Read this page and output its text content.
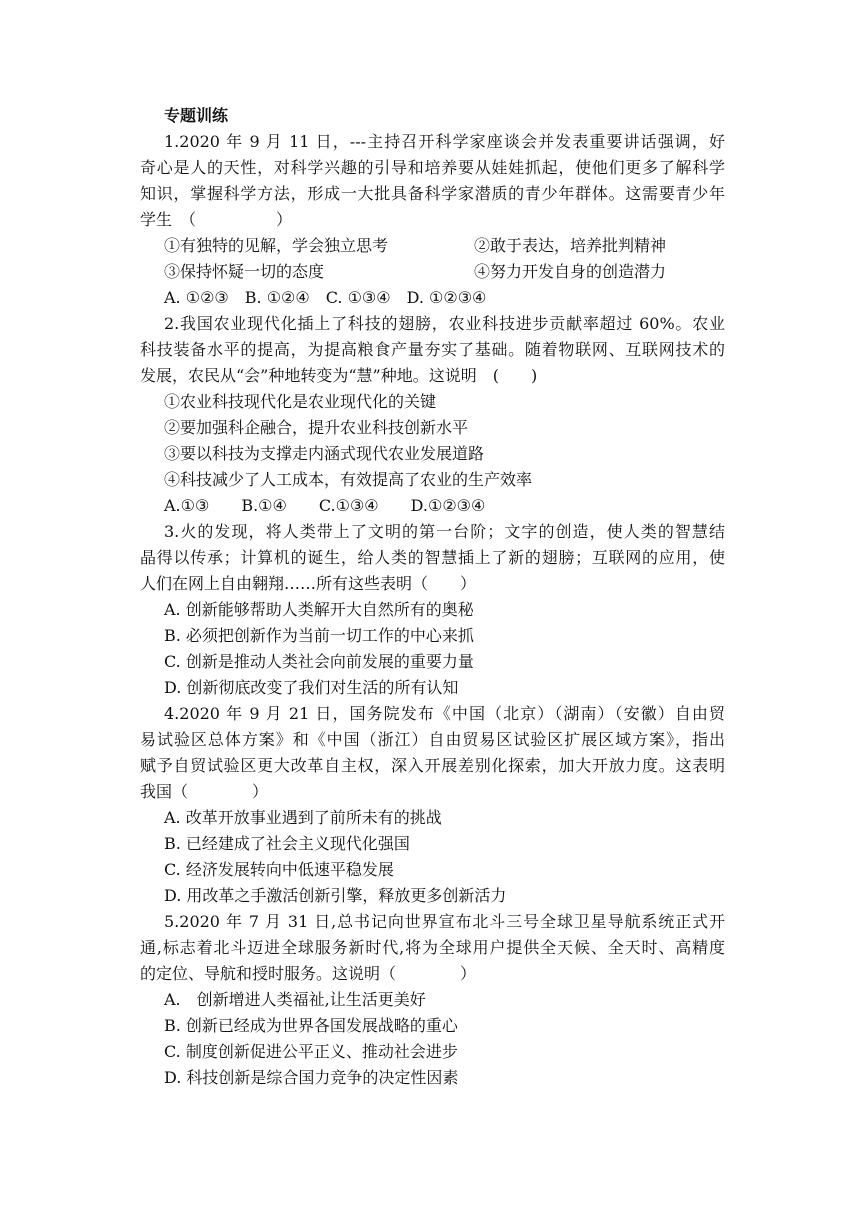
专题训练
1.2020 年 9 月 11 日，---主持召开科学家座谈会并发表重要讲话强调，好
奇心是人的天性，对科学兴趣的引导和培养要从娃娃抓起，使他们更多了解科学
知识，掌握科学方法，形成一大批具备科学家潜质的青少年群体。这需要青少年
学生　（　　　　　）
①有独特的见解，学会独立思考	②敢于表达，培养批判精神
③保持怀疑一切的态度	④努力开发自身的创造潜力
A. ①②③　B. ①②④　C. ①③④　D. ①②③④
2.我国农业现代化插上了科技的翅膀，农业科技进步贡献率超过 60%。农业
科技装备水平的提高，为提高粮食产量夯实了基础。随着物联网、互联网技术的
发展，农民从“会”种地转变为“慧”种地。这说明　(　　)
①农业科技现代化是农业现代化的关键
②要加强科企融合，提升农业科技创新水平
③要以科技为支撑走内涵式现代农业发展道路
④科技减少了人工成本，有效提高了农业的生产效率
A.①③　　B.①④　　C.①③④　　D.①②③④
3.火的发现，将人类带上了文明的第一台阶；文字的创造，使人类的智慧结
晶得以传承；计算机的诞生，给人类的智慧插上了新的翅膀；互联网的应用，使
人们在网上自由翱翔……所有这些表明（　　）
A. 创新能够帮助人类解开大自然所有的奥秘
B. 必须把创新作为当前一切工作的中心来抓
C. 创新是推动人类社会向前发展的重要力量
D. 创新彻底改变了我们对生活的所有认知
4.2020 年 9 月 21 日，国务院发布《中国（北京）（湖南）（安徽）自由贸
易试验区总体方案》和《中国（浙江）自由贸易区试验区扩展区域方案》，指出
赋予自贸试验区更大改革自主权，深入开展差别化探索，加大开放力度。这表明
我国（　　　　）
A. 改革开放事业遇到了前所未有的挑战
B. 已经建成了社会主义现代化强国
C. 经济发展转向中低速平稳发展
D. 用改革之手激活创新引擎，释放更多创新活力
5.2020 年 7 月 31 日,总书记向世界宣布北斗三号全球卫星导航系统正式开
通,标志着北斗迈进全球服务新时代,将为全球用户提供全天候、全天时、高精度
的定位、导航和授时服务。这说明（　　　　）
A.　创新增进人类福祉,让生活更美好
B. 创新已经成为世界各国发展战略的重心
C. 制度创新促进公平正义、推动社会进步
D. 科技创新是综合国力竞争的决定性因素
